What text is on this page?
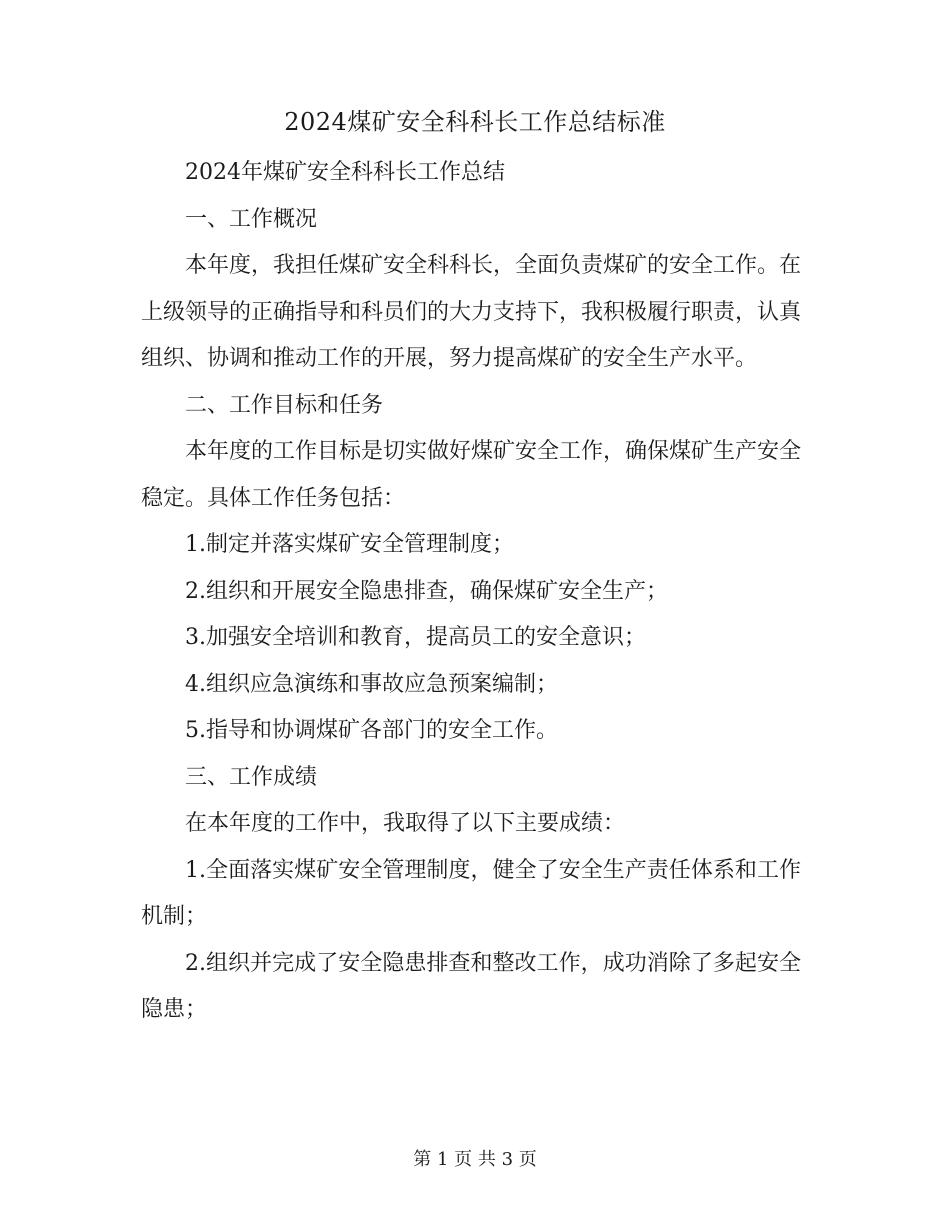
2024煤矿安全科科长工作总结标准

2024年煤矿安全科科长工作总结

一、工作概况

本年度，我担任煤矿安全科科长，全面负责煤矿的安全工作。在上级领导的正确指导和科员们的大力支持下，我积极履行职责，认真组织、协调和推动工作的开展，努力提高煤矿的安全生产水平。

二、工作目标和任务

本年度的工作目标是切实做好煤矿安全工作，确保煤矿生产安全稳定。具体工作任务包括：

1.制定并落实煤矿安全管理制度；

2.组织和开展安全隐患排查，确保煤矿安全生产；

3.加强安全培训和教育，提高员工的安全意识；

4.组织应急演练和事故应急预案编制；

5.指导和协调煤矿各部门的安全工作。

三、工作成绩

在本年度的工作中，我取得了以下主要成绩：

1.全面落实煤矿安全管理制度，健全了安全生产责任体系和工作机制；

2.组织并完成了安全隐患排查和整改工作，成功消除了多起安全隐患；

第 1 页 共 3 页
